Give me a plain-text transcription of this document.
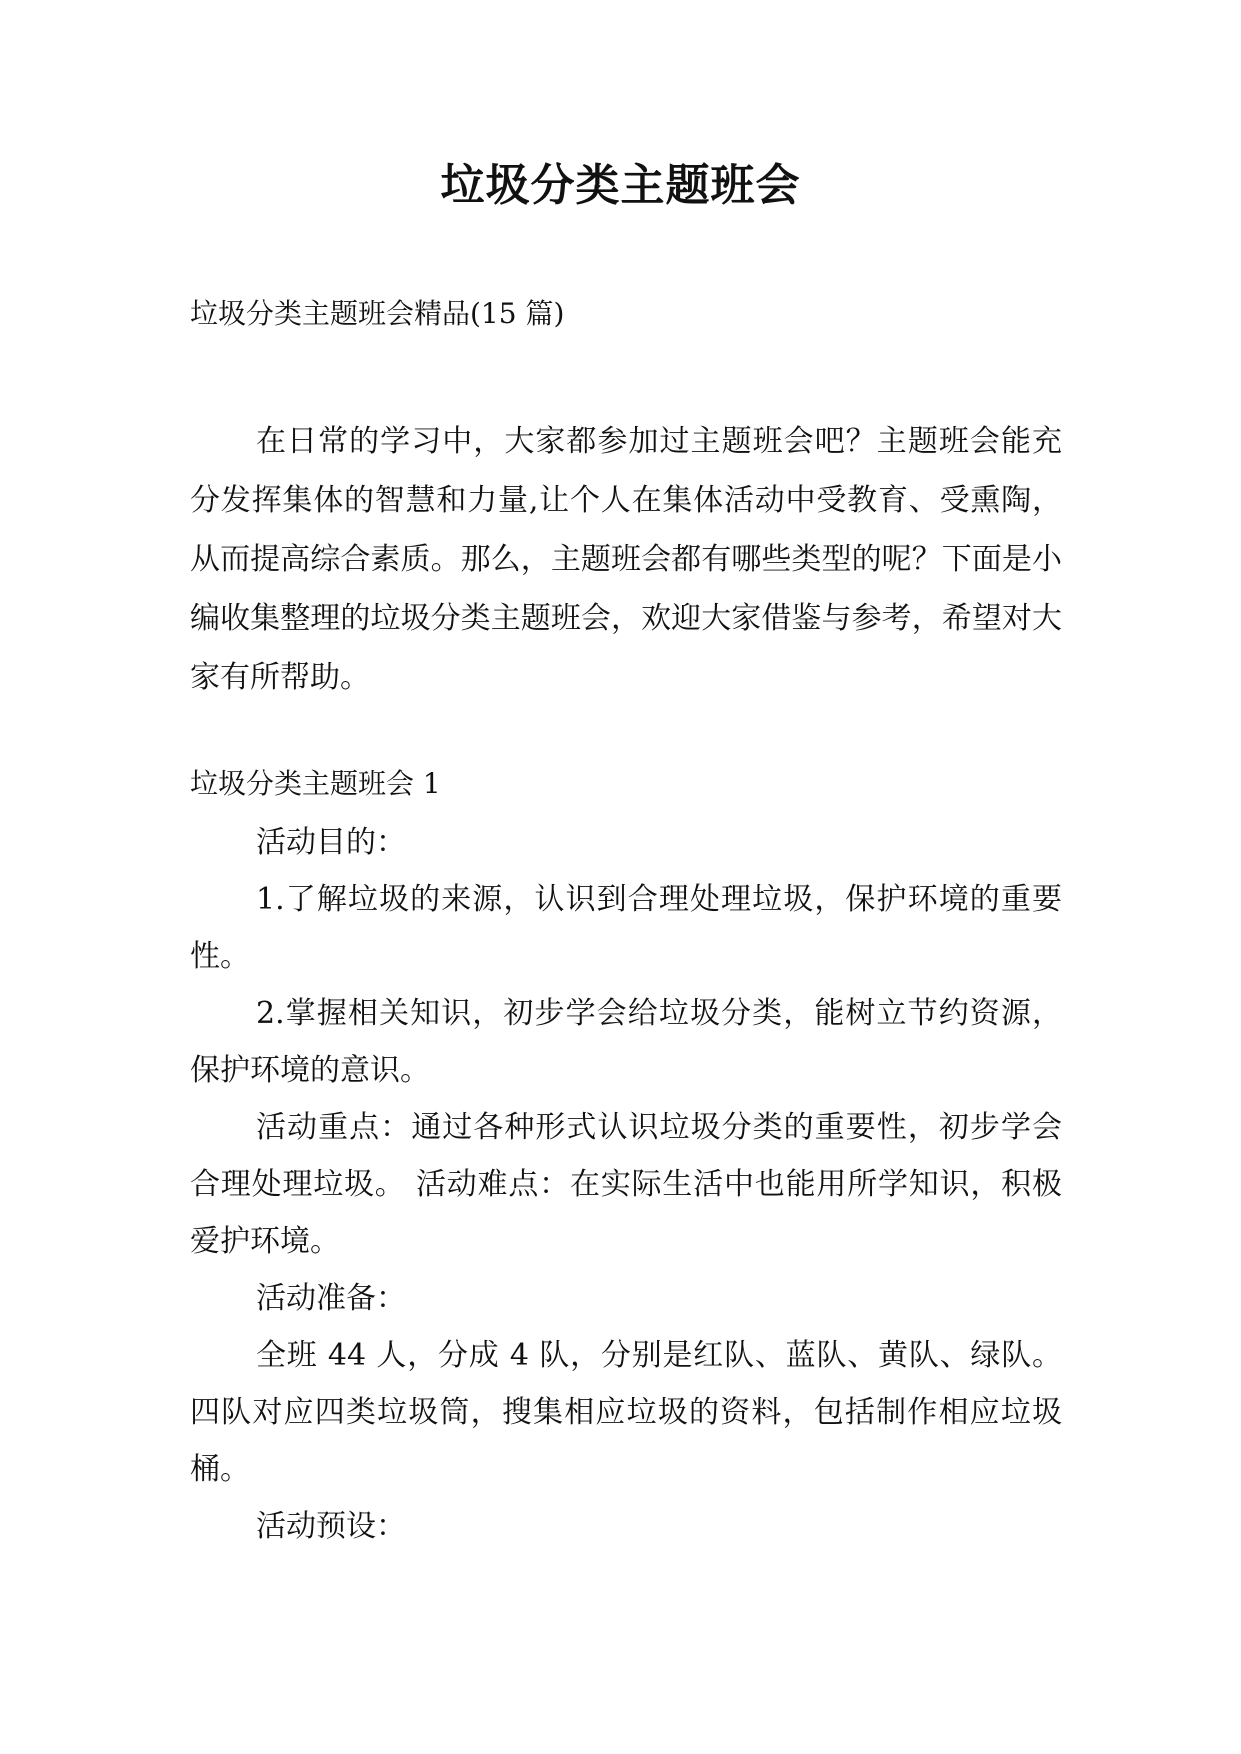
垃圾分类主题班会

垃圾分类主题班会精品(15 篇)

在日常的学习中，大家都参加过主题班会吧？主题班会能充分发挥集体的智慧和力量,让个人在集体活动中受教育、受熏陶，从而提高综合素质。那么，主题班会都有哪些类型的呢？下面是小编收集整理的垃圾分类主题班会，欢迎大家借鉴与参考，希望对大家有所帮助。

垃圾分类主题班会 1

活动目的：

1.了解垃圾的来源，认识到合理处理垃圾，保护环境的重要性。

2.掌握相关知识，初步学会给垃圾分类，能树立节约资源，保护环境的意识。

活动重点：通过各种形式认识垃圾分类的重要性，初步学会合理处理垃圾。 活动难点：在实际生活中也能用所学知识，积极爱护环境。

活动准备：

全班 44 人，分成 4 队，分别是红队、蓝队、黄队、绿队。四队对应四类垃圾筒，搜集相应垃圾的资料，包括制作相应垃圾桶。

活动预设：
